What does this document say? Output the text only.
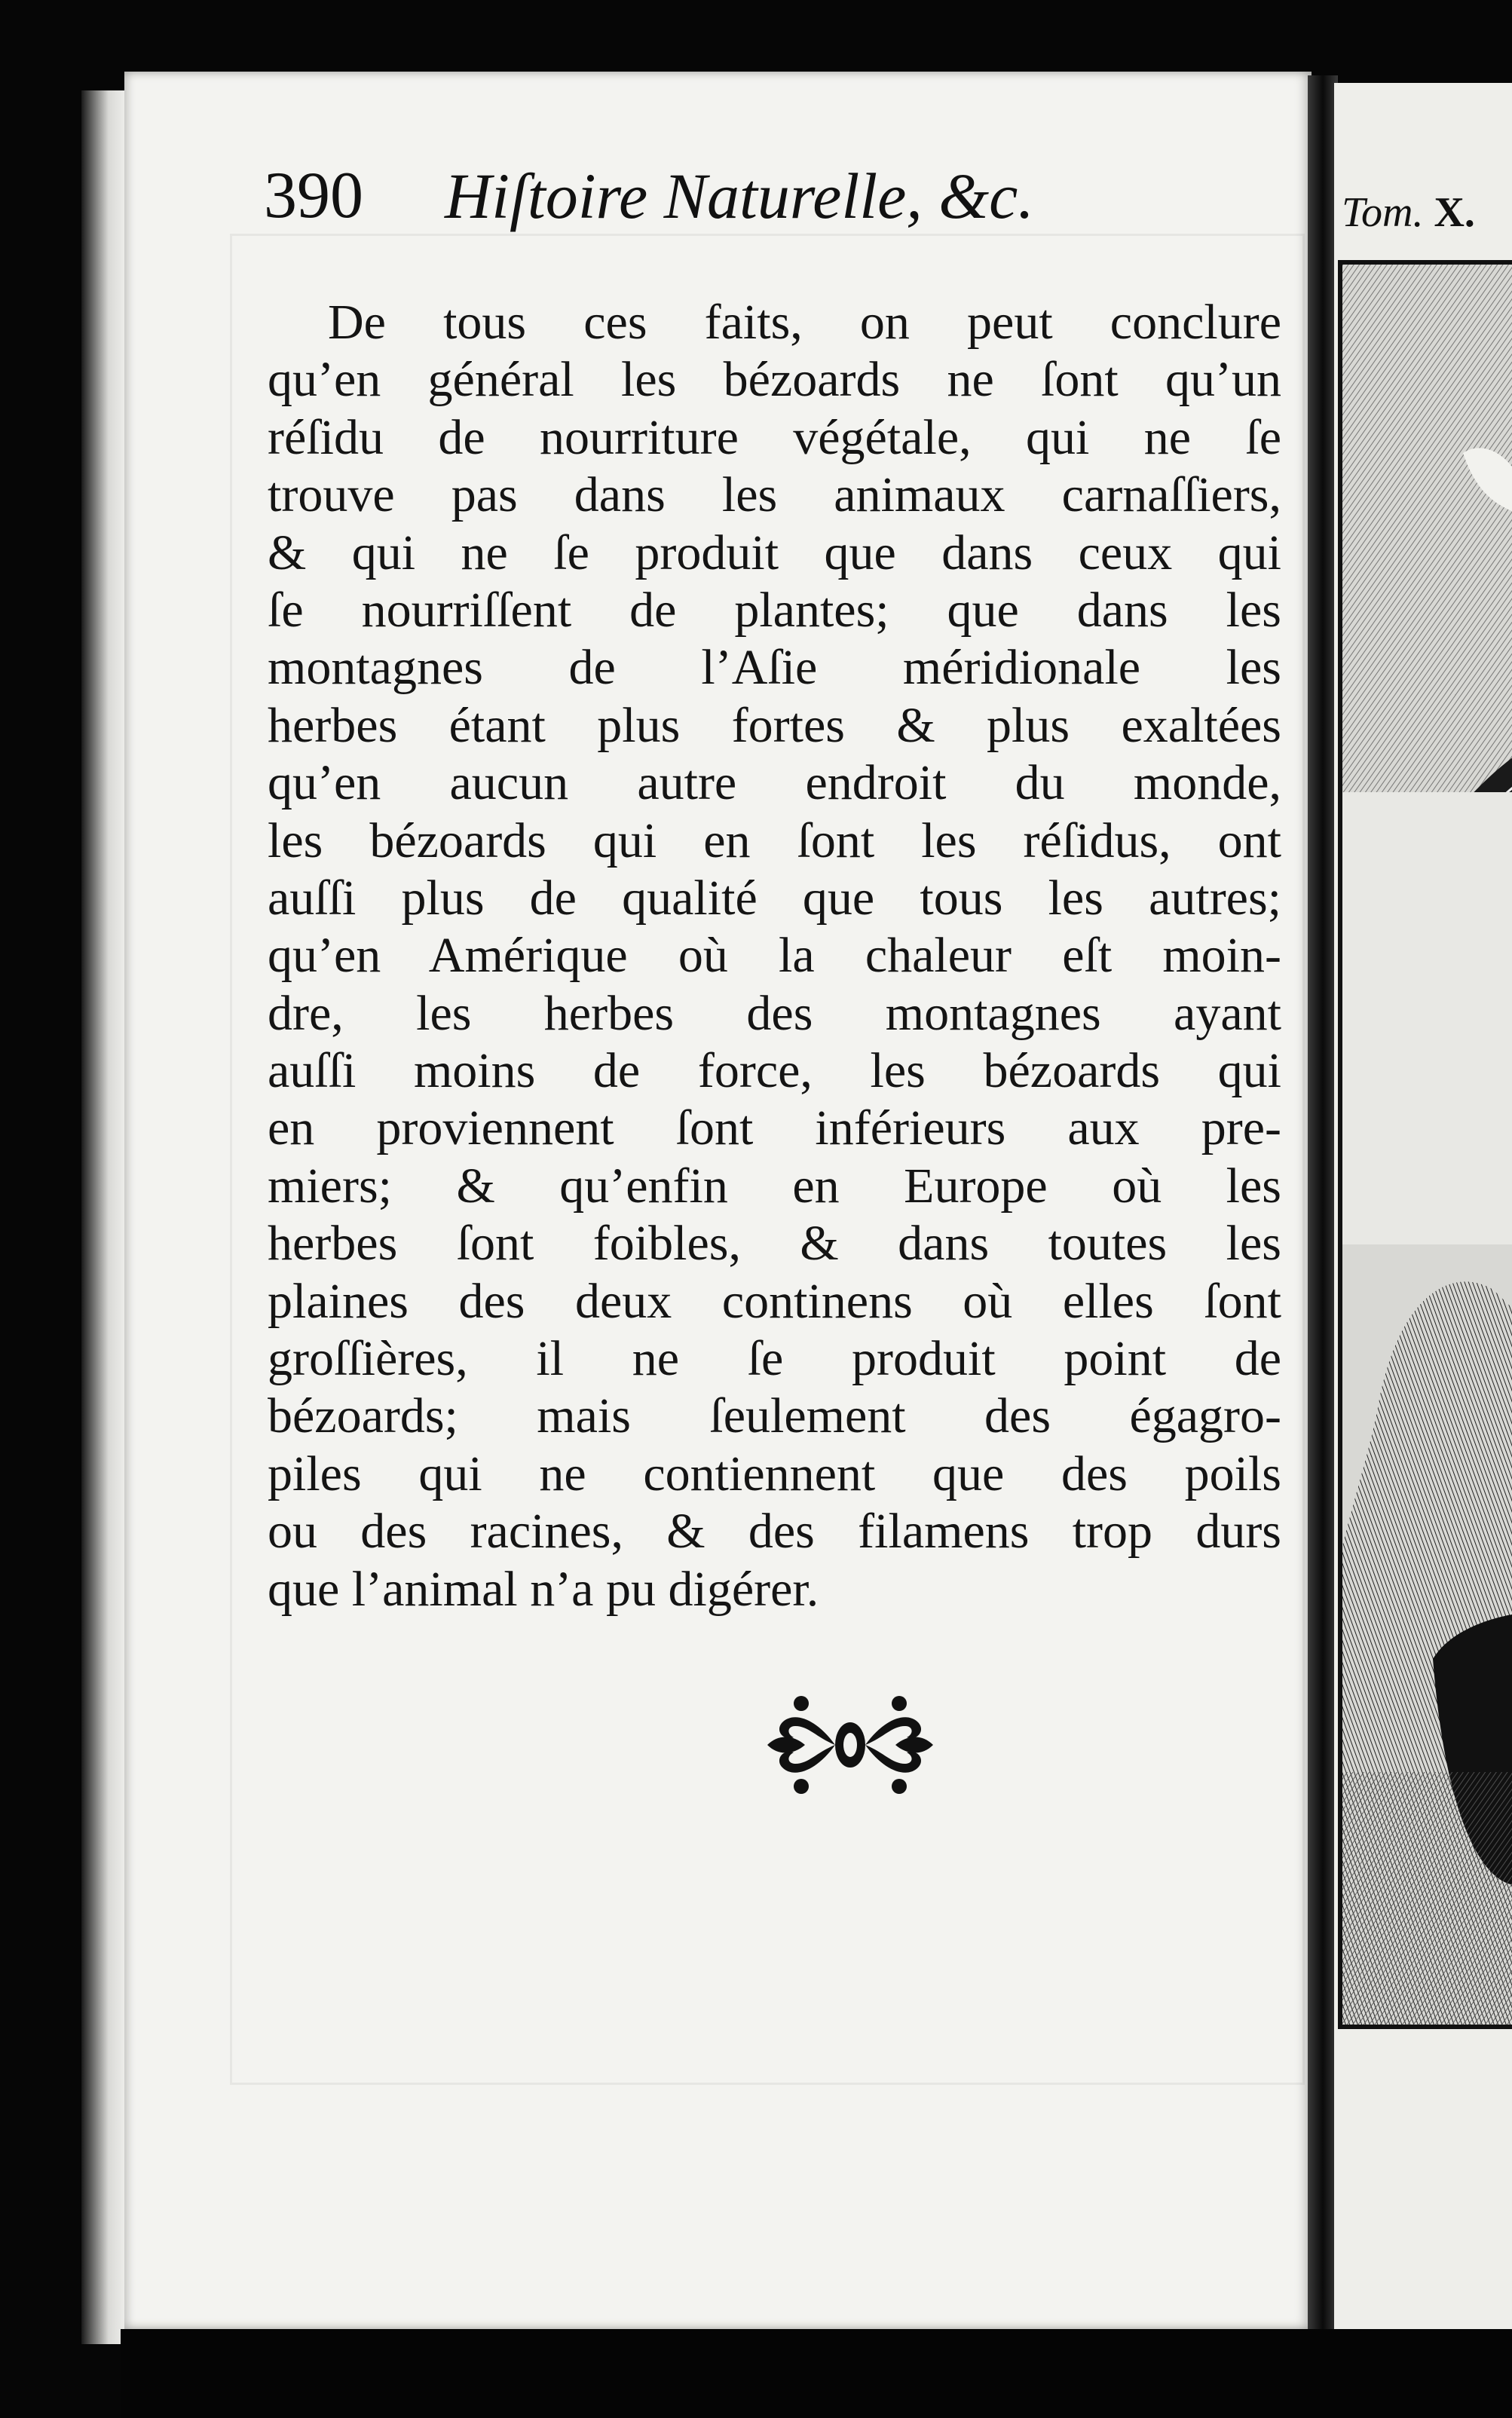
390 Hiſtoire Naturelle, &c.
De tous ces faits, on peut conclure
qu’en général les bézoards ne ſont qu’un
réſidu de nourriture végétale, qui ne ſe
trouve pas dans les animaux carnaſſiers,
& qui ne ſe produit que dans ceux qui
ſe nourriſſent de plantes; que dans les
montagnes de l’Aſie méridionale les
herbes étant plus fortes & plus exaltées
qu’en aucun autre endroit du monde,
les bézoards qui en ſont les réſidus, ont
auſſi plus de qualité que tous les autres;
qu’en Amérique où la chaleur eſt moin-
dre, les herbes des montagnes ayant
auſſi moins de force, les bézoards qui
en proviennent ſont inférieurs aux pre-
miers; & qu’enfin en Europe où les
herbes ſont foibles, & dans toutes les
plaines des deux continens où elles ſont
groſſières, il ne ſe produit point de
bézoards; mais ſeulement des égagro-
piles qui ne contiennent que des poils
ou des racines, & des filamens trop durs
que l’animal n’a pu digérer.
Tom. X.
